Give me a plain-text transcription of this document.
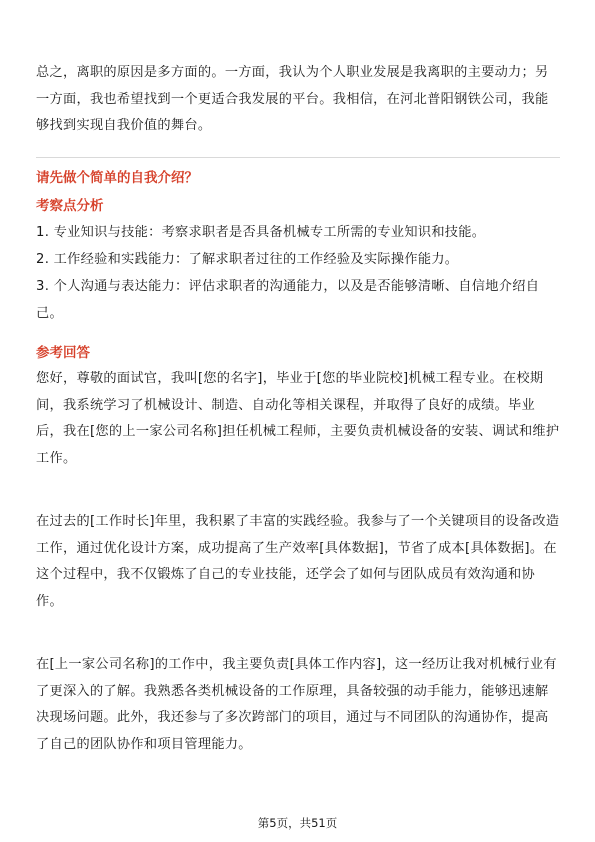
总之，离职的原因是多方面的。一方面，我认为个人职业发展是我离职的主要动力；另一方面，我也希望找到一个更适合我发展的平台。我相信，在河北普阳钢铁公司，我能够找到实现自我价值的舞台。

请先做个简单的自我介绍？

考察点分析

1. 专业知识与技能：考察求职者是否具备机械专工所需的专业知识和技能。

2. 工作经验和实践能力：了解求职者过往的工作经验及实际操作能力。

3. 个人沟通与表达能力：评估求职者的沟通能力，以及是否能够清晰、自信地介绍自己。

参考回答

您好，尊敬的面试官，我叫[您的名字]，毕业于[您的毕业院校]机械工程专业。在校期间，我系统学习了机械设计、制造、自动化等相关课程，并取得了良好的成绩。毕业后，我在[您的上一家公司名称]担任机械工程师，主要负责机械设备的安装、调试和维护工作。

在过去的[工作时长]年里，我积累了丰富的实践经验。我参与了一个关键项目的设备改造工作，通过优化设计方案，成功提高了生产效率[具体数据]，节省了成本[具体数据]。在这个过程中，我不仅锻炼了自己的专业技能，还学会了如何与团队成员有效沟通和协作。

在[上一家公司名称]的工作中，我主要负责[具体工作内容]，这一经历让我对机械行业有了更深入的了解。我熟悉各类机械设备的工作原理，具备较强的动手能力，能够迅速解决现场问题。此外，我还参与了多次跨部门的项目，通过与不同团队的沟通协作，提高了自己的团队协作和项目管理能力。

第5页，共51页
